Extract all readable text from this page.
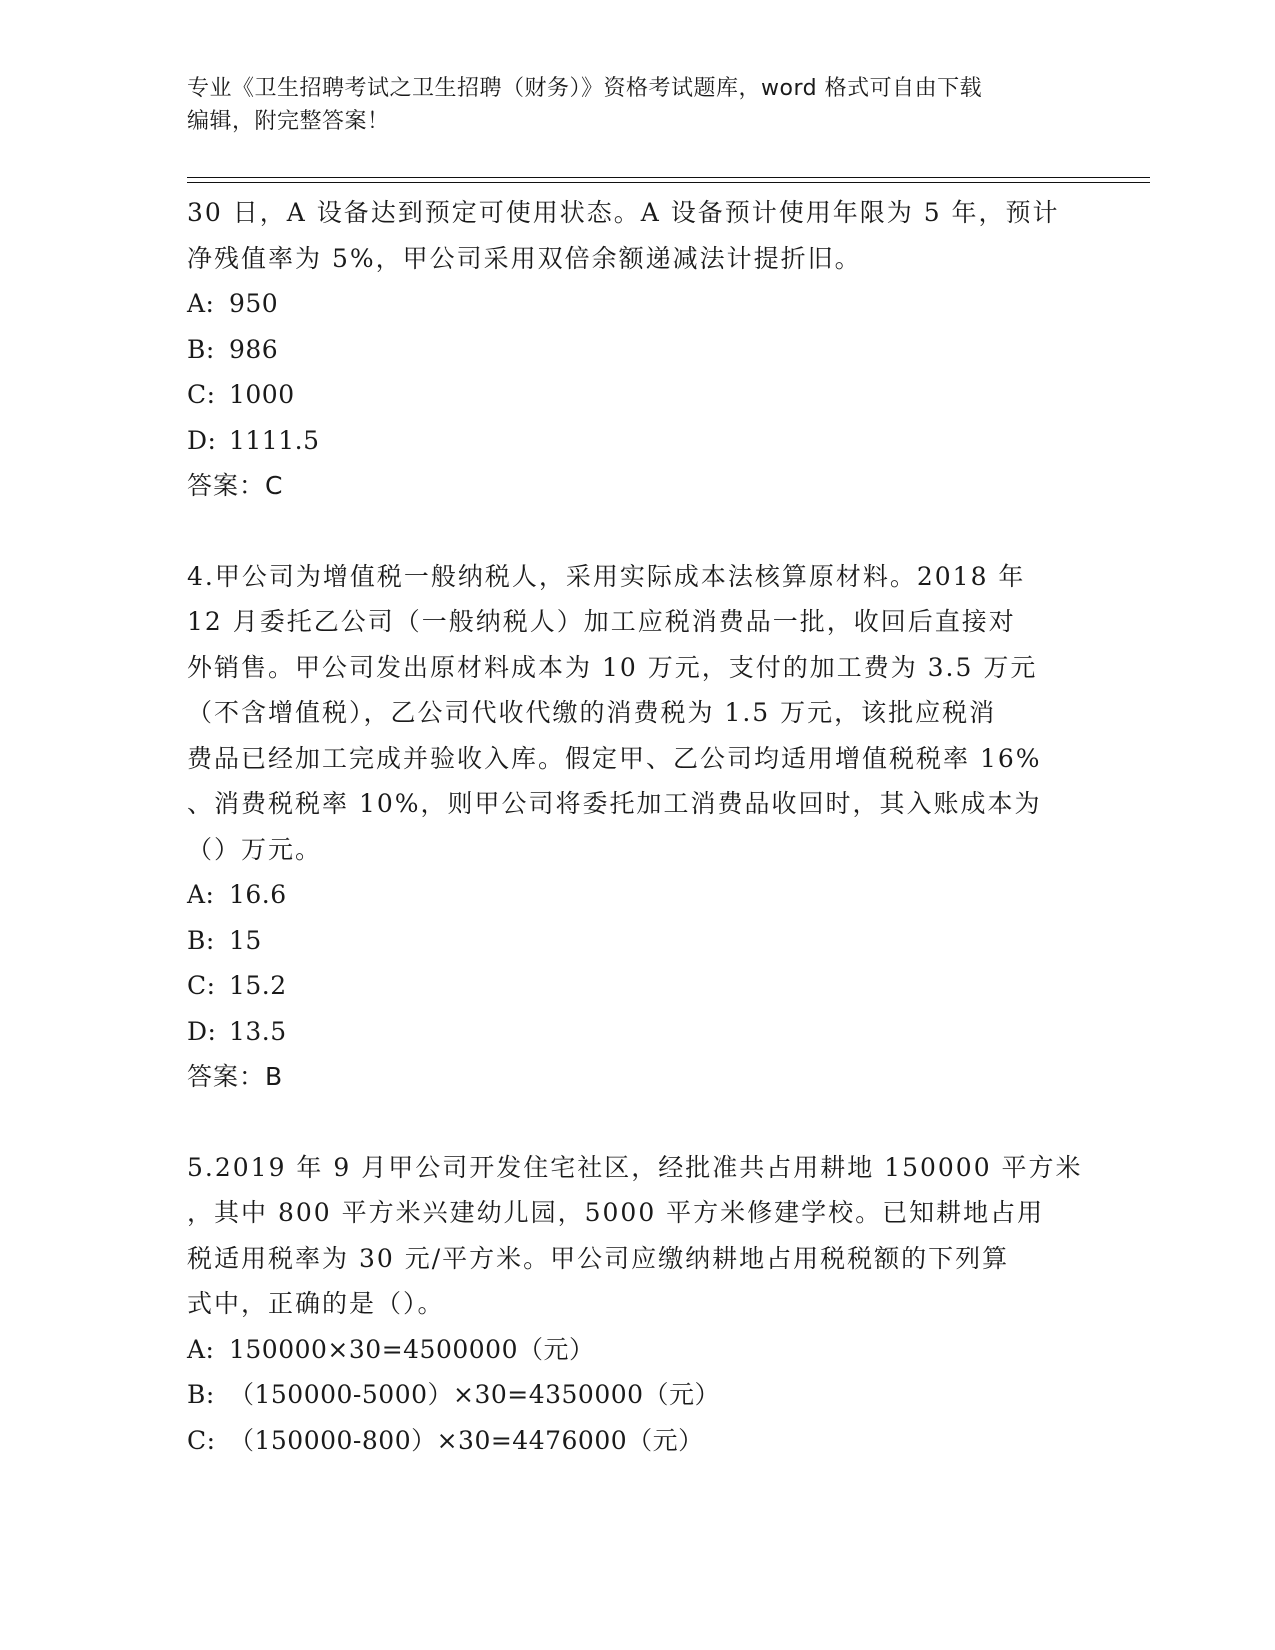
专业《卫生招聘考试之卫生招聘（财务）》资格考试题库，word 格式可自由下载
编辑，附完整答案！

30 日，A 设备达到预定可使用状态。A 设备预计使用年限为 5 年，预计

净残值率为 5%，甲公司采用双倍余额递减法计提折旧。

A: 950

B: 986

C: 1000

D: 1111.5

答案：C

4.甲公司为增值税一般纳税人，采用实际成本法核算原材料。2018 年

12 月委托乙公司（一般纳税人）加工应税消费品一批，收回后直接对

外销售。甲公司发出原材料成本为 10 万元，支付的加工费为 3.5 万元

（不含增值税），乙公司代收代缴的消费税为 1.5 万元，该批应税消

费品已经加工完成并验收入库。假定甲、乙公司均适用增值税税率 16%

、消费税税率 10%，则甲公司将委托加工消费品收回时，其入账成本为

（）万元。

A: 16.6

B: 15

C: 15.2

D: 13.5

答案：B

5.2019 年 9 月甲公司开发住宅社区，经批准共占用耕地 150000 平方米

，其中 800 平方米兴建幼儿园，5000 平方米修建学校。已知耕地占用

税适用税率为 30 元/平方米。甲公司应缴纳耕地占用税税额的下列算

式中，正确的是（）。

A: 150000×30=4500000（元）

B: （150000-5000）×30=4350000（元）

C: （150000-800）×30=4476000（元）
